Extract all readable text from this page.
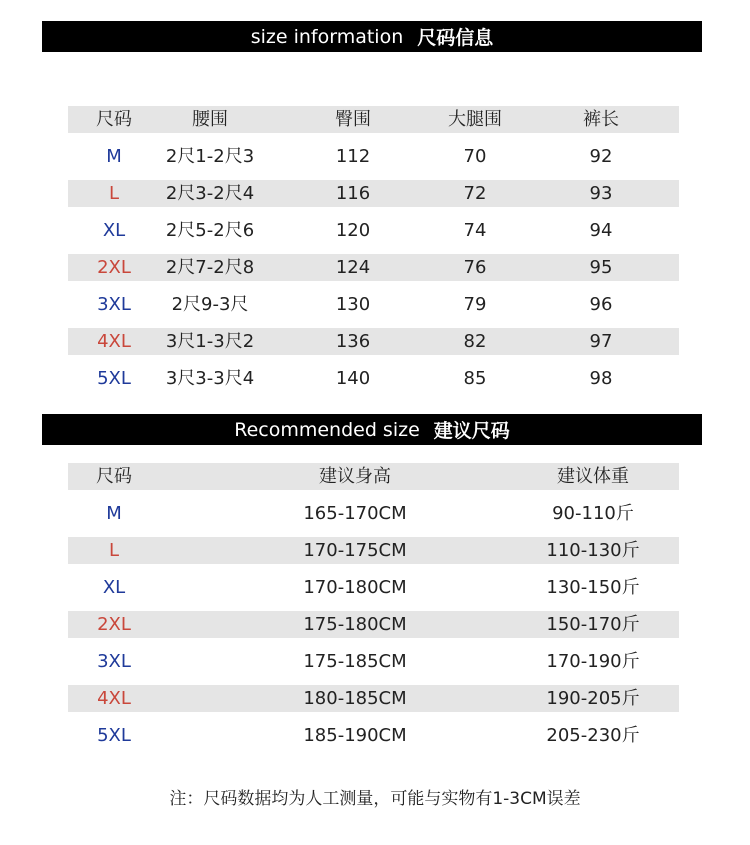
size information 尺码信息
尺码	腰围	臀围	大腿围	裤长
M	2尺1-2尺3	112	70	92
L	2尺3-2尺4	116	72	93
XL	2尺5-2尺6	120	74	94
2XL	2尺7-2尺8	124	76	95
3XL	2尺9-3尺	130	79	96
4XL	3尺1-3尺2	136	82	97
5XL	3尺3-3尺4	140	85	98
Recommended size 建议尺码
尺码	建议身高	建议体重
M	165-170CM	90-110斤
L	170-175CM	110-130斤
XL	170-180CM	130-150斤
2XL	175-180CM	150-170斤
3XL	175-185CM	170-190斤
4XL	180-185CM	190-205斤
5XL	185-190CM	205-230斤
注：尺码数据均为人工测量，可能与实物有1-3CM误差
